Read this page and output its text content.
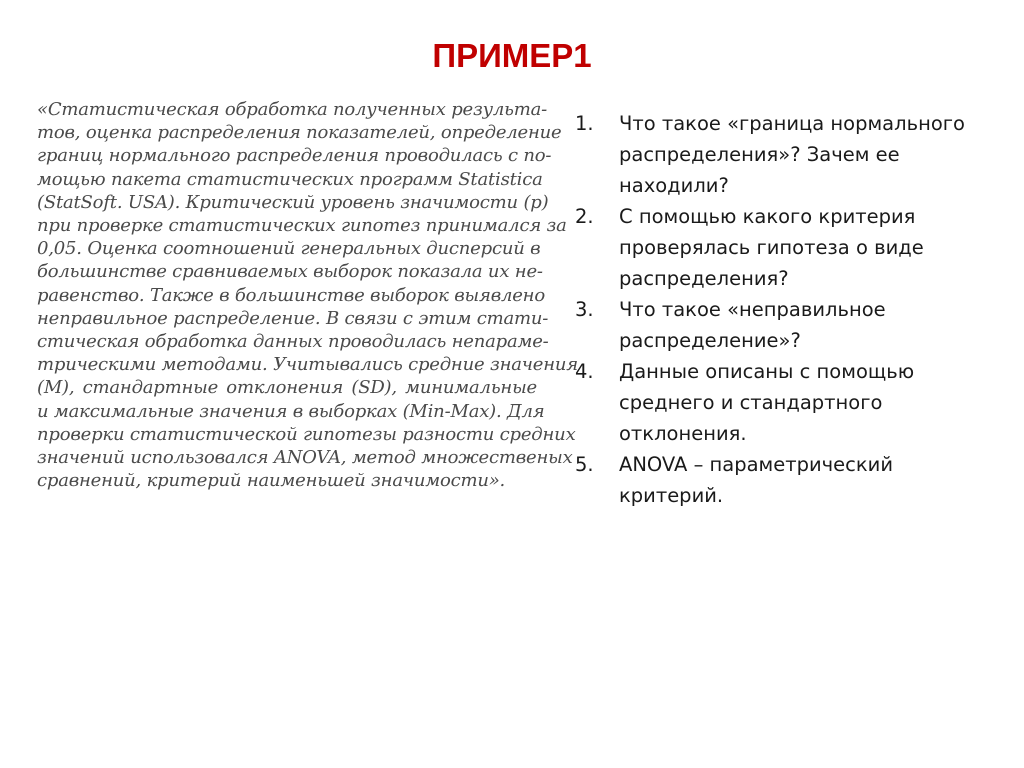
ПРИМЕР1
«Статистическая обработка полученных результа-
тов, оценка распределения показателей, определение
границ нормального распределения проводилась с по-
мощью пакета статистических программ Statistica
(StatSoft. USA). Критический уровень значимости (p)
при проверке статистических гипотез принимался за
0,05. Оценка соотношений генеральных дисперсий в
большинстве сравниваемых выборок показала их не-
равенство. Также в большинстве выборок выявлено
неправильное распределение. В связи с этим стати-
стическая обработка данных проводилась непараме-
трическими методами. Учитывались средние значения
(M), стандартные отклонения (SD), минимальные
и максимальные значения в выборках (Min-Max). Для
проверки статистической гипотезы разности средних
значений использовался ANOVA, метод множественых
сравнений, критерий наименьшей значимости».
1. Что такое «граница нормального распределения»? Зачем ее находили?
2. С помощью какого критерия проверялась гипотеза о виде распределения?
3. Что такое «неправильное распределение»?
4. Данные описаны с помощью среднего и стандартного отклонения.
5. ANOVA – параметрический критерий.
